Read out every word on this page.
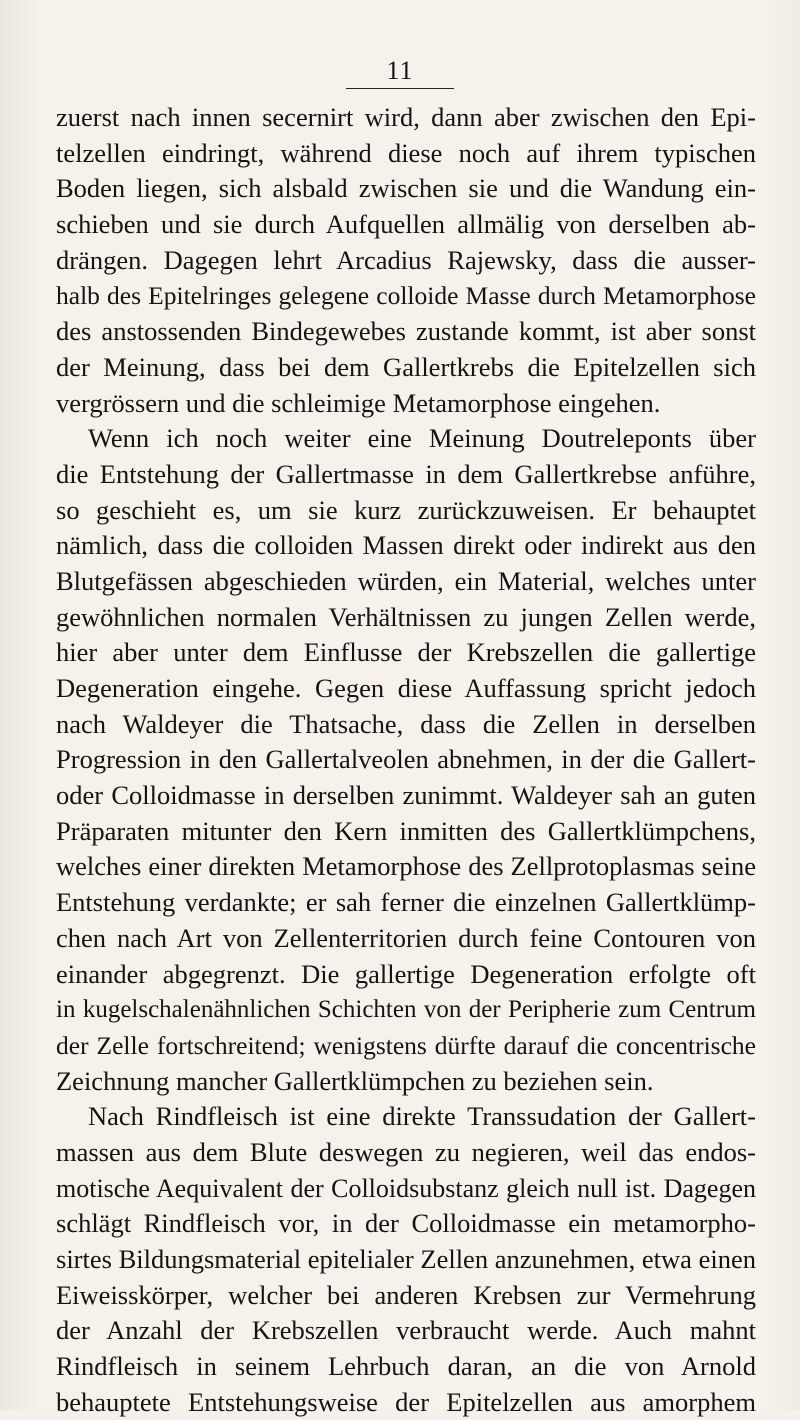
11
zuerst nach innen secernirt wird, dann aber zwischen den Epi-
telzellen eindringt, während diese noch auf ihrem typischen
Boden liegen, sich alsbald zwischen sie und die Wandung ein-
schieben und sie durch Aufquellen allmälig von derselben ab-
drängen. Dagegen lehrt Arcadius Rajewsky, dass die ausser-
halb des Epitelringes gelegene colloide Masse durch Metamorphose
des anstossenden Bindegewebes zustande kommt, ist aber sonst
der Meinung, dass bei dem Gallertkrebs die Epitelzellen sich
vergrössern und die schleimige Metamorphose eingehen.
Wenn ich noch weiter eine Meinung Doutreleponts über
die Entstehung der Gallertmasse in dem Gallertkrebse anführe,
so geschieht es, um sie kurz zurückzuweisen. Er behauptet
nämlich, dass die colloiden Massen direkt oder indirekt aus den
Blutgefässen abgeschieden würden, ein Material, welches unter
gewöhnlichen normalen Verhältnissen zu jungen Zellen werde,
hier aber unter dem Einflusse der Krebszellen die gallertige
Degeneration eingehe. Gegen diese Auffassung spricht jedoch
nach Waldeyer die Thatsache, dass die Zellen in derselben
Progression in den Gallertalveolen abnehmen, in der die Gallert-
oder Colloidmasse in derselben zunimmt. Waldeyer sah an guten
Präparaten mitunter den Kern inmitten des Gallertklümpchens,
welches einer direkten Metamorphose des Zellprotoplasmas seine
Entstehung verdankte; er sah ferner die einzelnen Gallertklümp-
chen nach Art von Zellenterritorien durch feine Contouren von
einander abgegrenzt. Die gallertige Degeneration erfolgte oft
in kugelschalenähnlichen Schichten von der Peripherie zum Centrum
der Zelle fortschreitend; wenigstens dürfte darauf die concentrische
Zeichnung mancher Gallertklümpchen zu beziehen sein.
Nach Rindfleisch ist eine direkte Transsudation der Gallert-
massen aus dem Blute deswegen zu negieren, weil das endos-
motische Aequivalent der Colloidsubstanz gleich null ist. Dagegen
schlägt Rindfleisch vor, in der Colloidmasse ein metamorpho-
sirtes Bildungsmaterial epitelialer Zellen anzunehmen, etwa einen
Eiweisskörper, welcher bei anderen Krebsen zur Vermehrung
der Anzahl der Krebszellen verbraucht werde. Auch mahnt
Rindfleisch in seinem Lehrbuch daran, an die von Arnold
behauptete Entstehungsweise der Epitelzellen aus amorphem
